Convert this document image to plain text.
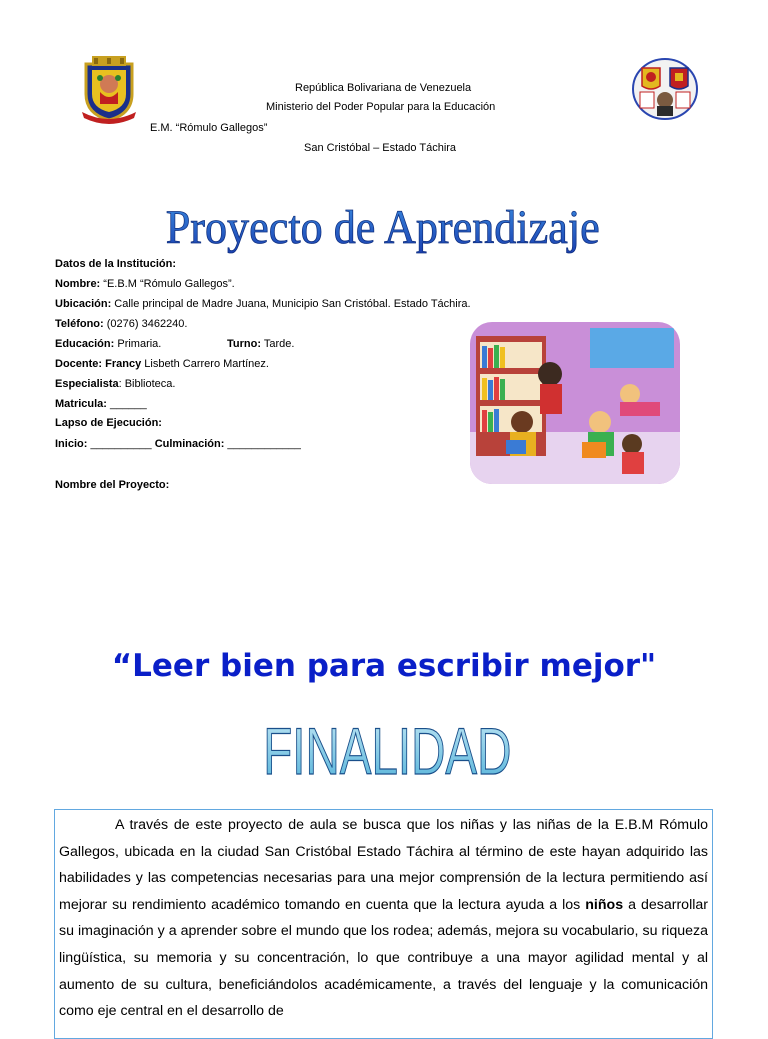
República Bolivariana de Venezuela
Ministerio del Poder Popular para la Educación
E.M. “Rómulo Gallegos”
San Cristóbal – Estado Táchira
Proyecto de Aprendizaje
Datos de la Institución:
Nombre: “E.B.M “Rómulo Gallegos”.
Ubicación: Calle principal de Madre Juana, Municipio San Cristóbal. Estado Táchira.
Teléfono: (0276) 3462240.
Educación: Primaria.	Turno: Tarde.
Docente: Francy Lisbeth Carrero Martínez.
Especialista: Biblioteca.
Matricula: ______
Lapso de Ejecución:
Inicio: __________ Culminación: ____________
Nombre del Proyecto:
“Leer bien para escribir mejor"
FINALIDAD

A través de este proyecto de aula se busca que los niñas y las niñas de la E.B.M Rómulo Gallegos, ubicada en la ciudad San Cristóbal Estado Táchira al término de este hayan adquirido las habilidades y las competencias necesarias para una mejor comprensión de la lectura permitiendo así mejorar su rendimiento académico tomando en cuenta que la lectura ayuda a los niños a desarrollar su imaginación y a aprender sobre el mundo que los rodea; además, mejora su vocabulario, su riqueza lingüística, su memoria y su concentración, lo que contribuye a una mayor agilidad mental y al aumento de su cultura, beneficiándolos académicamente, a través del lenguaje y la comunicación como eje central en el desarrollo de
